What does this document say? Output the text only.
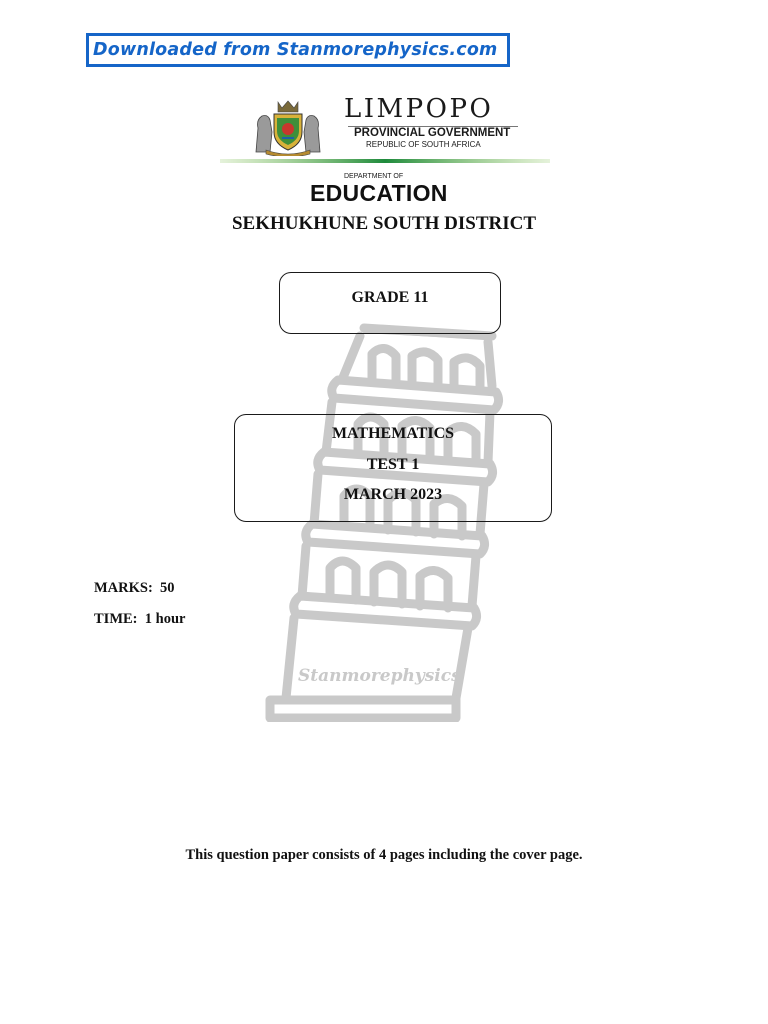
Downloaded from Stanmorephysics.com
LIMPOPO
PROVINCIAL GOVERNMENT
REPUBLIC OF SOUTH AFRICA
DEPARTMENT OF
EDUCATION
SEKHUKHUNE SOUTH DISTRICT
Stanmorephysics
GRADE 11
MATHEMATICS
TEST 1
MARCH 2023
MARKS:  50
TIME:  1 hour
This question paper consists of 4 pages including the cover page.
